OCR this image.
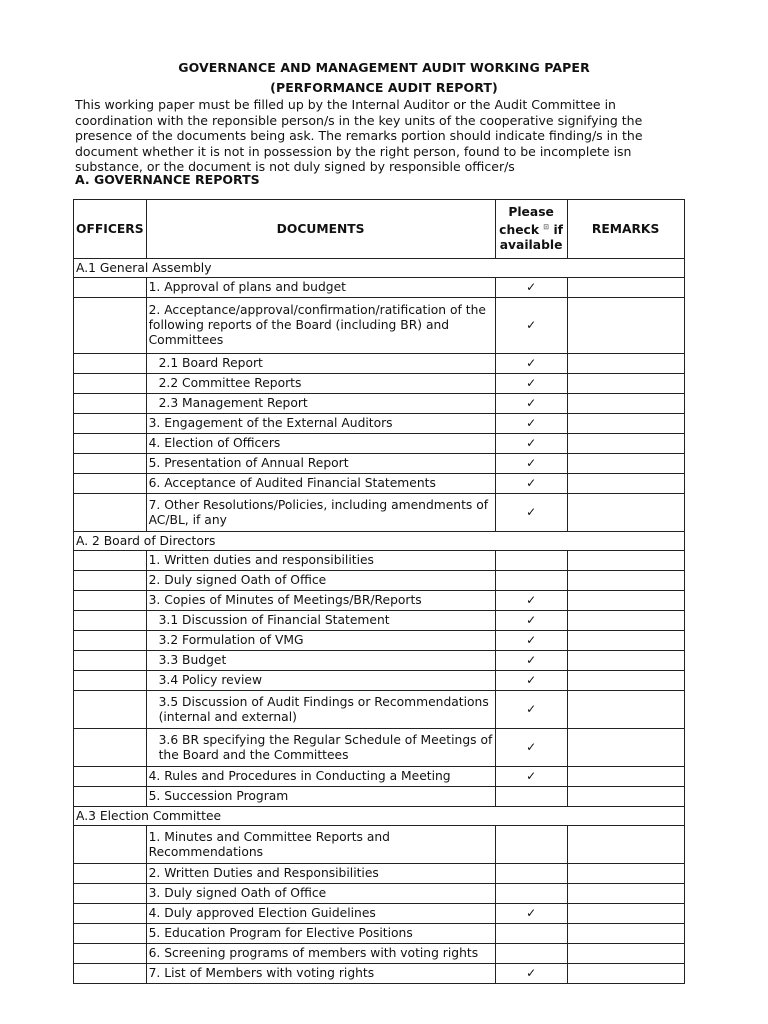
GOVERNANCE AND MANAGEMENT AUDIT WORKING PAPER
(PERFORMANCE AUDIT REPORT)
This working paper must be filled up by the Internal Auditor or the Audit Committee in
coordination with the reponsible person/s in the key units of the cooperative signifying the
presence of the documents being ask. The remarks portion should indicate finding/s in the
document whether it is not in possession by the right person, found to be incomplete isn
substance, or the document is not duly signed by responsible officer/s
A. GOVERNANCE REPORTS
OFFICERS	DOCUMENTS	Please
check ⊡ if
available	REMARKS
A.1 General Assembly			
	1. Approval of plans and budget	✓	
	2. Acceptance/approval/confirmation/ratification of the following reports of the Board (including BR) and Committees	✓	
	2.1 Board Report	✓	
	2.2 Committee Reports	✓	
	2.3 Management Report	✓	
	3. Engagement of the External Auditors	✓	
	4. Election of Officers	✓	
	5. Presentation of Annual Report	✓	
	6. Acceptance of Audited Financial Statements	✓	
	7. Other Resolutions/Policies, including amendments of AC/BL, if any	✓	
A. 2 Board of Directors			
	1. Written duties and responsibilities		
	2. Duly signed Oath of Office		
	3. Copies of Minutes of Meetings/BR/Reports	✓	
	3.1 Discussion of Financial Statement	✓	
	3.2 Formulation of VMG	✓	
	3.3 Budget	✓	
	3.4 Policy review	✓	
	3.5 Discussion of Audit Findings or Recommendations (internal and external)	✓	
	3.6 BR specifying the Regular Schedule of Meetings of the Board and the Committees	✓	
	4. Rules and Procedures in Conducting a Meeting	✓	
	5. Succession Program		
A.3 Election Committee			
	1. Minutes and Committee Reports and Recommendations		
	2. Written Duties and Responsibilities		
	3. Duly signed Oath of Office		
	4. Duly approved Election Guidelines	✓	
	5. Education Program for Elective Positions		
	6. Screening programs of members with voting rights		
	7. List of Members with voting rights	✓	
